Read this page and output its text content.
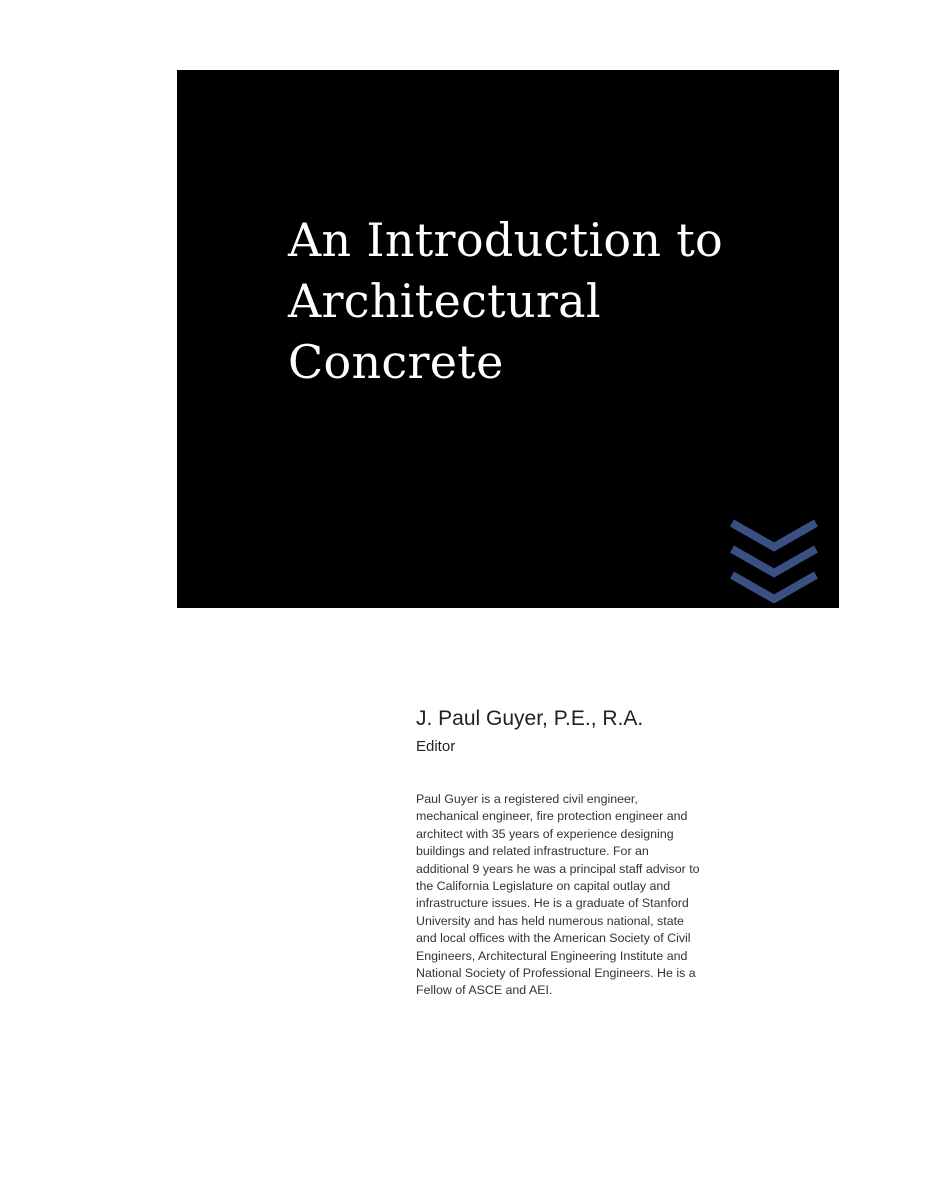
An Introduction to
Architectural
Concrete
J. Paul Guyer, P.E., R.A.
Editor
Paul Guyer is a registered civil engineer,
mechanical engineer, fire protection engineer and
architect with 35 years of experience designing
buildings and related infrastructure. For an
additional 9 years he was a principal staff advisor to
the California Legislature on capital outlay and
infrastructure issues. He is a graduate of Stanford
University and has held numerous national, state
and local offices with the American Society of Civil
Engineers, Architectural Engineering Institute and
National Society of Professional Engineers. He is a
Fellow of ASCE and AEI.
